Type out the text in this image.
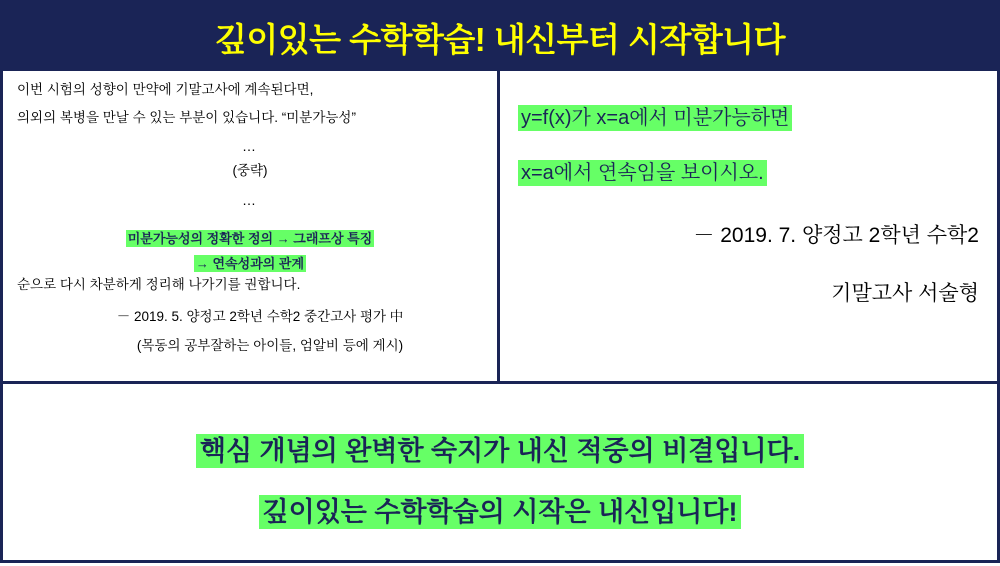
깊이있는 수학학습! 내신부터 시작합니다

이번 시험의 성향이 만약에 기말고사에 계속된다면,

의외의 복병을 만날 수 있는 부분이 있습니다. “미분가능성”

…

(중략)

…

미분가능성의 정확한 정의 → 그래프상 특징

→ 연속성과의 관계

순으로 다시 차분하게 정리해 나가기를 권합니다.

－ 2019. 5. 양정고 2학년 수학2 중간고사 평가 中

(목동의 공부잘하는 아이들, 엄알비 등에 게시)

y=f(x)가 x=a에서 미분가능하면

x=a에서 연속임을 보이시오.

－ 2019. 7. 양정고 2학년 수학2

기말고사 서술형

핵심 개념의 완벽한 숙지가 내신 적중의 비결입니다.

깊이있는 수학학습의 시작은 내신입니다!
